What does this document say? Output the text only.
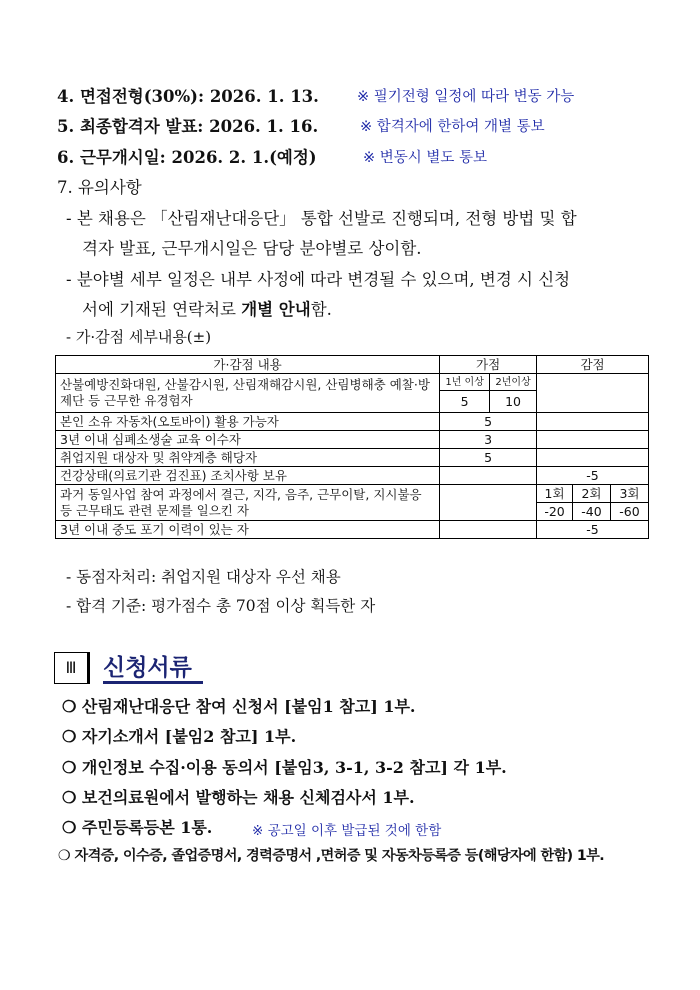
4. 면접전형(30%): 2026. 1. 13.	※ 필기전형 일정에 따라 변동 가능
5. 최종합격자 발표: 2026. 1. 16.	※ 합격자에 한하여 개별 통보
6. 근무개시일: 2026. 2. 1.(예정)	※ 변동시 별도 통보
7. 유의사항
- 본 채용은 「산림재난대응단」 통합 선발로 진행되며, 전형 방법 및 합
격자 발표, 근무개시일은 담당 분야별로 상이함.
- 분야별 세부 일정은 내부 사정에 따라 변경될 수 있으며, 변경 시 신청
서에 기재된 연락처로 개별 안내함.
- 가·감점 세부내용(±)
가·감점 내용	가점		감점		
산불예방진화대원, 산불감시원, 산림재해감시원, 산림병해충 예찰·방제단 등 근무한 유경험자	1년 이상	2년이상			
	5	10			
본인 소유 자동차(오토바이) 활용 가능자	5				
3년 이내 심폐소생술 교육 이수자	3				
취업지원 대상자 및 취약계층 해당자	5				
건강상태(의료기관 검진표) 조치사항 보유			-5		
과거 동일사업 참여 과정에서 결근, 지각, 음주, 근무이탈, 지시불응 등 근무태도 관련 문제를 일으킨 자			1회	2회	3회
			-20	-40	-60
3년 이내 중도 포기 이력이 있는 자			-5		
- 동점자처리: 취업지원 대상자 우선 채용
- 합격 기준: 평가점수 총 70점 이상 획득한 자
Ⅲ	신청서류
❍ 산림재난대응단 참여 신청서 [붙임1 참고] 1부.
❍ 자기소개서 [붙임2 참고] 1부.
❍ 개인정보 수집·이용 동의서 [붙임3, 3-1, 3-2 참고] 각 1부.
❍ 보건의료원에서 발행하는 채용 신체검사서 1부.
❍ 주민등록등본 1통.	※ 공고일 이후 발급된 것에 한함
❍ 자격증, 이수증, 졸업증명서, 경력증명서 ,면허증 및 자동차등록증 등(해당자에 한함) 1부.
